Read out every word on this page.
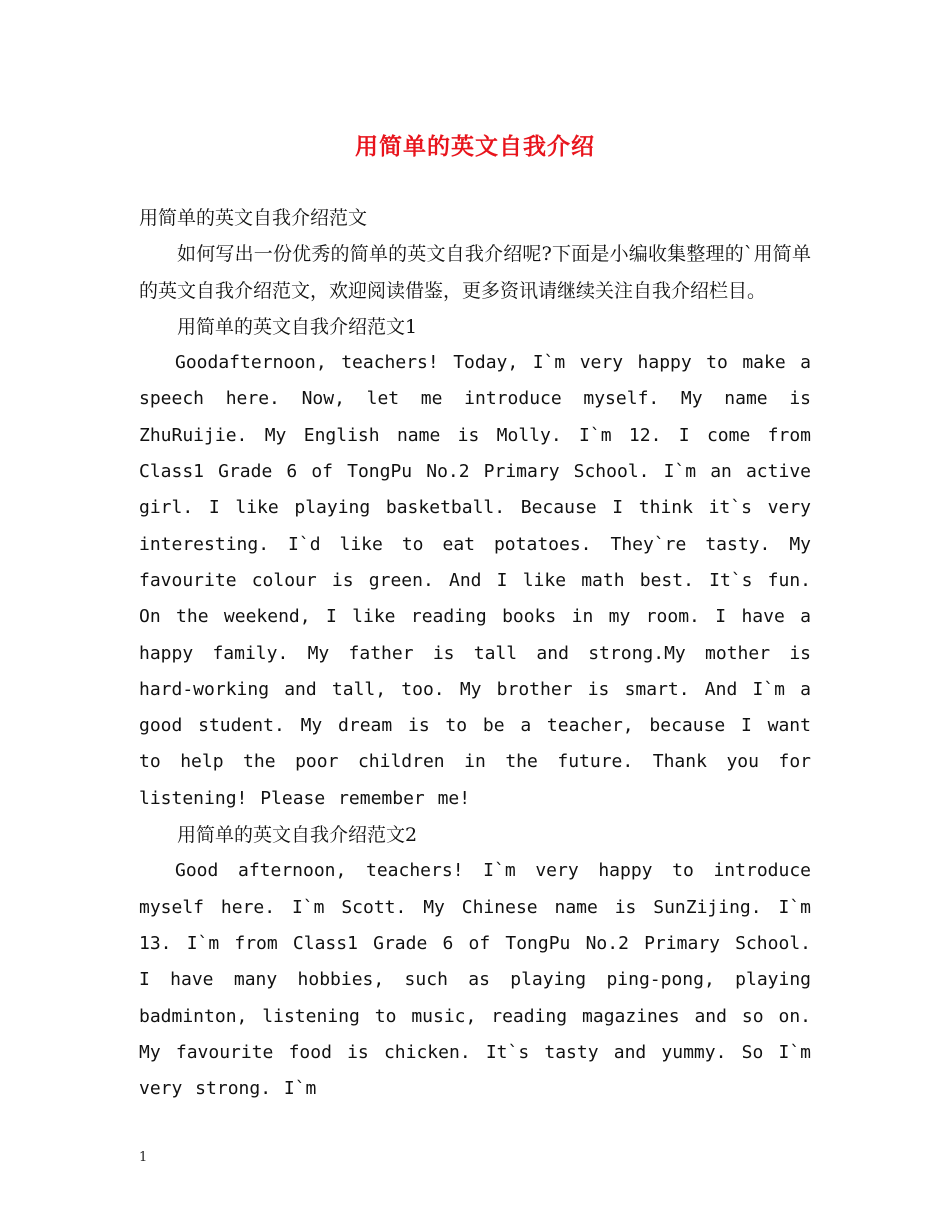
用简单的英文自我介绍

用简单的英文自我介绍范文

如何写出一份优秀的简单的英文自我介绍呢?下面是小编收集整理的`用简单的英文自我介绍范文，欢迎阅读借鉴，更多资讯请继续关注自我介绍栏目。

用简单的英文自我介绍范文1

Goodafternoon, teachers! Today, I`m very happy to make a speech here. Now, let me introduce myself. My name is ZhuRuijie. My English name is Molly. I`m 12. I come from Class1 Grade 6 of TongPu No.2 Primary School. I`m an active girl. I like playing basketball. Because I think it`s very interesting. I`d like to eat potatoes. They`re tasty. My favourite colour is green. And I like math best. It`s fun. On the weekend, I like reading books in my room. I have a happy family. My father is tall and strong.My mother is hard-working and tall, too. My brother is smart. And I`m a good student. My dream is to be a teacher, because I want to help the poor children in the future. Thank you for listening! Please remember me!

用简单的英文自我介绍范文2

Good afternoon, teachers! I`m very happy to introduce myself here. I`m Scott. My Chinese name is SunZijing. I`m 13. I`m from Class1 Grade 6 of TongPu No.2 Primary School. I have many hobbies, such as playing ping-pong, playing badminton, listening to music, reading magazines and so on. My favourite food is chicken. It`s tasty and yummy. So I`m very strong. I`m

1
